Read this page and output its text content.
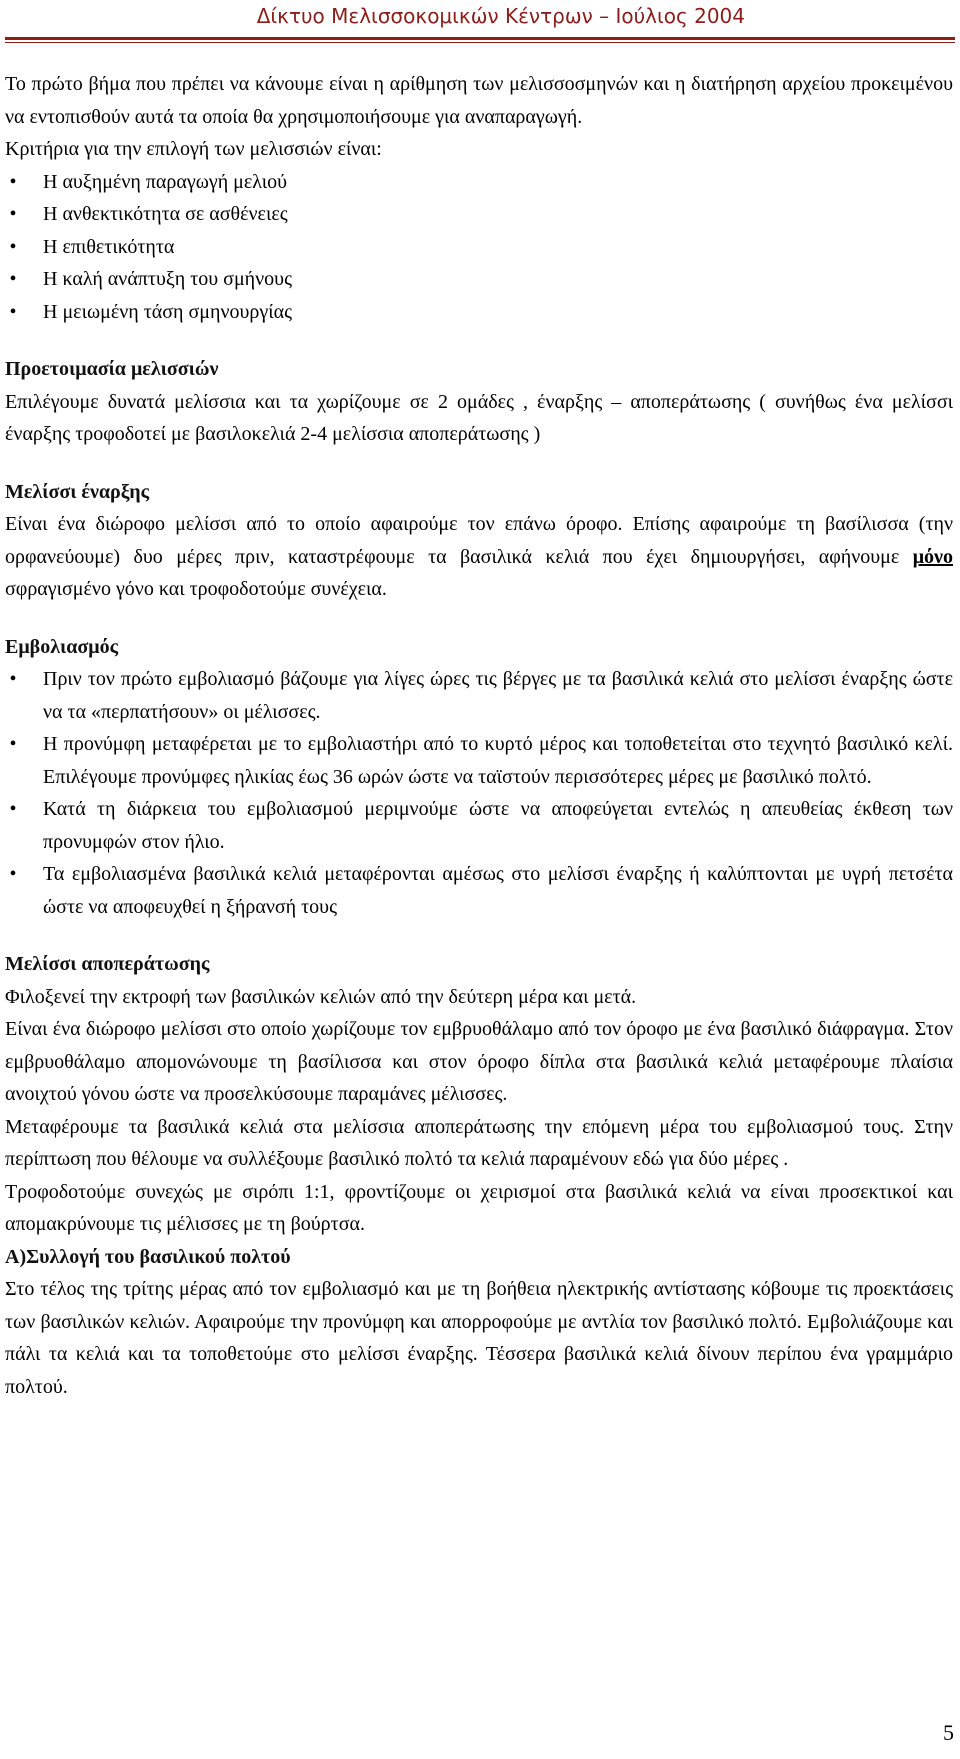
Δίκτυο Μελισσοκομικών Κέντρων – Ιούλιος 2004

Το πρώτο βήμα που πρέπει να κάνουμε είναι η αρίθμηση των μελισσοσμηνών και η διατήρηση αρχείου προκειμένου να εντοπισθούν αυτά τα οποία θα χρησιμοποιήσουμε για αναπαραγωγή.

Κριτήρια για την επιλογή των μελισσιών είναι:

• Η αυξημένη παραγωγή μελιού
• Η ανθεκτικότητα σε ασθένειες
• Η επιθετικότητα
• Η καλή ανάπτυξη του σμήνους
• Η μειωμένη τάση σμηνουργίας
Προετοιμασία μελισσιών

Επιλέγουμε δυνατά μελίσσια και τα χωρίζουμε σε 2 ομάδες , έναρξης – αποπεράτωσης ( συνήθως ένα μελίσσι έναρξης τροφοδοτεί με βασιλοκελιά 2-4 μελίσσια αποπεράτωσης )

Μελίσσι έναρξης

Είναι ένα διώροφο μελίσσι από το οποίο αφαιρούμε τον επάνω όροφο. Επίσης αφαιρούμε τη βασίλισσα (την ορφανεύουμε) δυο μέρες πριν, καταστρέφουμε τα βασιλικά κελιά που έχει δημιουργήσει, αφήνουμε μόνο σφραγισμένο γόνο και τροφοδοτούμε συνέχεια.

Εμβολιασμός
• Πριν τον πρώτο εμβολιασμό βάζουμε για λίγες ώρες τις βέργες με τα βασιλικά κελιά στο μελίσσι έναρξης ώστε να τα «περπατήσουν» οι μέλισσες.
• Η προνύμφη μεταφέρεται με το εμβολιαστήρι από το κυρτό μέρος και τοποθετείται στο τεχνητό βασιλικό κελί. Επιλέγουμε προνύμφες ηλικίας έως 36 ωρών ώστε να ταϊστούν περισσότερες μέρες με βασιλικό πολτό.
• Κατά τη διάρκεια του εμβολιασμού μεριμνούμε ώστε να αποφεύγεται εντελώς η απευθείας έκθεση των προνυμφών στον ήλιο.
• Τα εμβολιασμένα βασιλικά κελιά μεταφέρονται αμέσως στο μελίσσι έναρξης ή καλύπτονται με υγρή πετσέτα ώστε να αποφευχθεί η ξήρανσή τους
Μελίσσι αποπεράτωσης

Φιλοξενεί την εκτροφή των βασιλικών κελιών από την δεύτερη μέρα και μετά.

Είναι ένα διώροφο μελίσσι στο οποίο χωρίζουμε τον εμβρυοθάλαμο από τον όροφο με ένα βασιλικό διάφραγμα. Στον εμβρυοθάλαμο απομονώνουμε τη βασίλισσα και στον όροφο δίπλα στα βασιλικά κελιά μεταφέρουμε πλαίσια ανοιχτού γόνου ώστε να προσελκύσουμε παραμάνες μέλισσες.

Μεταφέρουμε τα βασιλικά κελιά στα μελίσσια αποπεράτωσης την επόμενη μέρα του εμβολιασμού τους. Στην περίπτωση που θέλουμε να συλλέξουμε βασιλικό πολτό τα κελιά παραμένουν εδώ για δύο μέρες .

Τροφοδοτούμε συνεχώς με σιρόπι 1:1, φροντίζουμε οι χειρισμοί στα βασιλικά κελιά να είναι προσεκτικοί και απομακρύνουμε τις μέλισσες με τη βούρτσα.

Α)Συλλογή του βασιλικού πολτού

Στο τέλος της τρίτης μέρας από τον εμβολιασμό και με τη βοήθεια ηλεκτρικής αντίστασης κόβουμε τις προεκτάσεις των βασιλικών κελιών. Αφαιρούμε την προνύμφη και απορροφούμε με αντλία τον βασιλικό πολτό. Εμβολιάζουμε και πάλι τα κελιά και τα τοποθετούμε στο μελίσσι έναρξης. Τέσσερα βασιλικά κελιά δίνουν περίπου ένα γραμμάριο πολτού.

5
